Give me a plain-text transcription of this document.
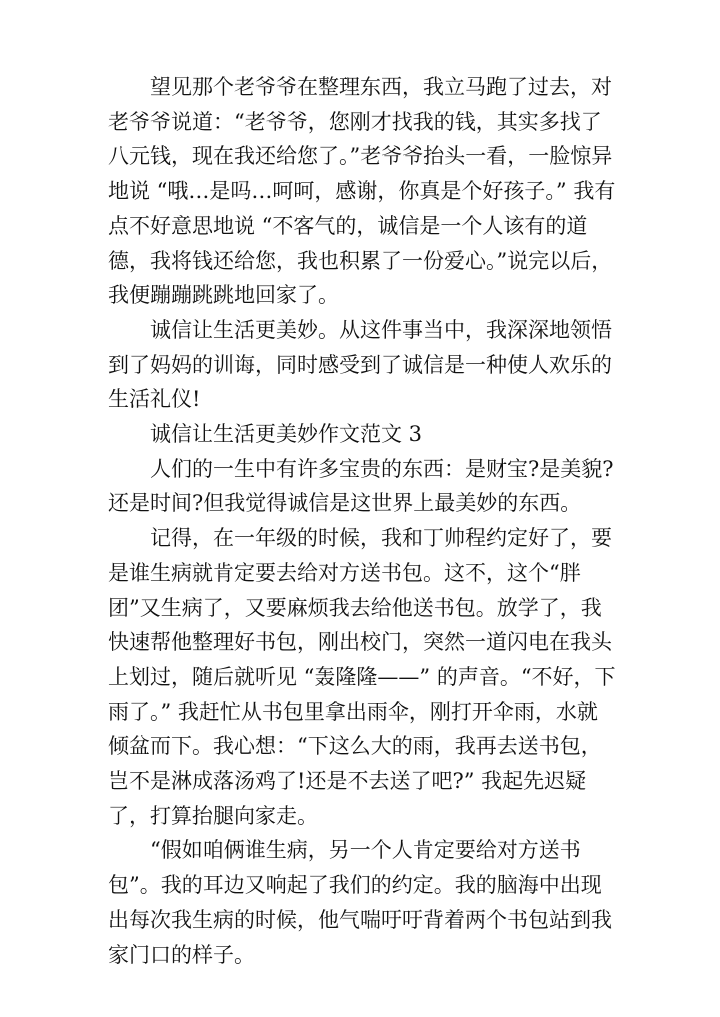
望见那个老爷爷在整理东西，我立马跑了过去，对老爷爷说道：“老爷爷，您刚才找我的钱，其实多找了八元钱，现在我还给您了。”老爷爷抬头一看，一脸惊异地说 “哦…是吗…呵呵，感谢，你真是个好孩子。” 我有点不好意思地说 “不客气的，诚信是一个人该有的道德，我将钱还给您，我也积累了一份爱心。”说完以后，我便蹦蹦跳跳地回家了。

诚信让生活更美妙。从这件事当中，我深深地领悟到了妈妈的训诲，同时感受到了诚信是一种使人欢乐的生活礼仪!

诚信让生活更美妙作文范文 3

人们的一生中有许多宝贵的东西：是财宝?是美貌?还是时间?但我觉得诚信是这世界上最美妙的东西。

记得，在一年级的时候，我和丁帅程约定好了，要是谁生病就肯定要去给对方送书包。这不，这个“胖团”又生病了，又要麻烦我去给他送书包。放学了，我快速帮他整理好书包，刚出校门，突然一道闪电在我头上划过，随后就听见 “轰隆隆——” 的声音。“不好，下雨了。” 我赶忙从书包里拿出雨伞，刚打开伞雨，水就倾盆而下。我心想：“下这么大的雨，我再去送书包，岂不是淋成落汤鸡了!还是不去送了吧?” 我起先迟疑了，打算抬腿向家走。

“假如咱俩谁生病，另一个人肯定要给对方送书包”。我的耳边又响起了我们的约定。我的脑海中出现出每次我生病的时候，他气喘吁吁背着两个书包站到我家门口的样子。
